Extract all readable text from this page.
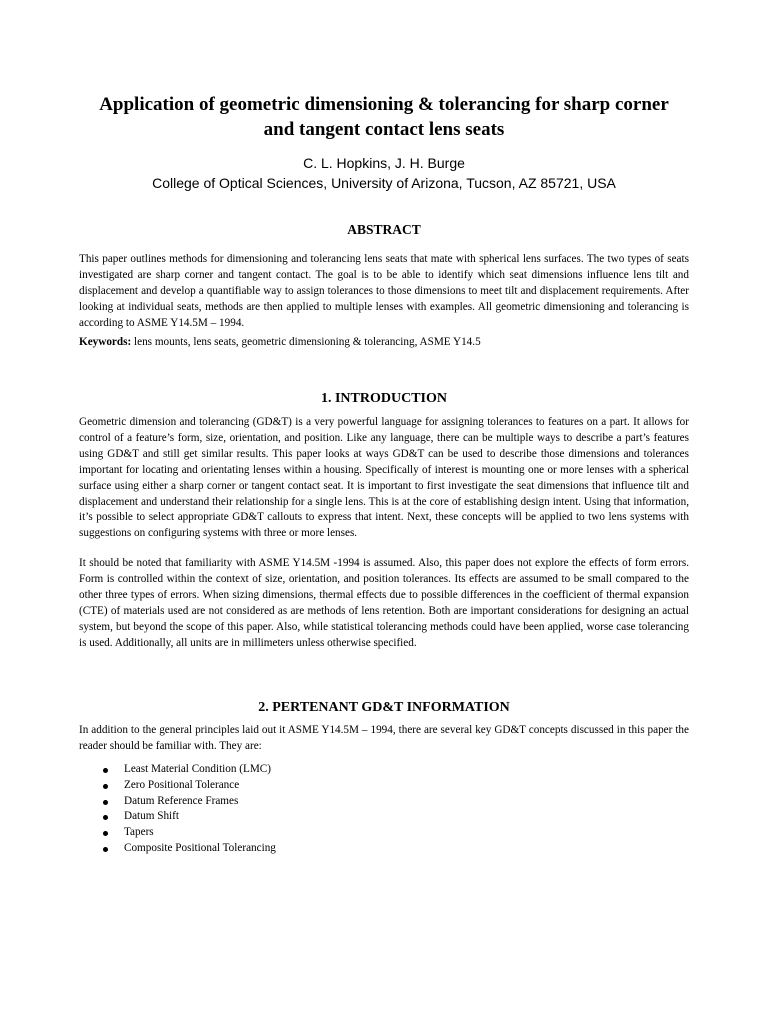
Application of geometric dimensioning & tolerancing for sharp corner
and tangent contact lens seats
C. L. Hopkins, J. H. Burge
College of Optical Sciences, University of Arizona, Tucson, AZ 85721, USA
ABSTRACT

This paper outlines methods for dimensioning and tolerancing lens seats that mate with spherical lens surfaces. The two types of seats investigated are sharp corner and tangent contact. The goal is to be able to identify which seat dimensions influence lens tilt and displacement and develop a quantifiable way to assign tolerances to those dimensions to meet tilt and displacement requirements. After looking at individual seats, methods are then applied to multiple lenses with examples. All geometric dimensioning and tolerancing is according to ASME Y14.5M – 1994.

Keywords: lens mounts, lens seats, geometric dimensioning & tolerancing, ASME Y14.5

1. INTRODUCTION

Geometric dimension and tolerancing (GD&T) is a very powerful language for assigning tolerances to features on a part. It allows for control of a feature’s form, size, orientation, and position. Like any language, there can be multiple ways to describe a part’s features using GD&T and still get similar results. This paper looks at ways GD&T can be used to describe those dimensions and tolerances important for locating and orientating lenses within a housing. Specifically of interest is mounting one or more lenses with a spherical surface using either a sharp corner or tangent contact seat. It is important to first investigate the seat dimensions that influence tilt and displacement and understand their relationship for a single lens. This is at the core of establishing design intent. Using that information, it’s possible to select appropriate GD&T callouts to express that intent. Next, these concepts will be applied to two lens systems with suggestions on configuring systems with three or more lenses.

It should be noted that familiarity with ASME Y14.5M -1994 is assumed. Also, this paper does not explore the effects of form errors. Form is controlled within the context of size, orientation, and position tolerances. Its effects are assumed to be small compared to the other three types of errors. When sizing dimensions, thermal effects due to possible differences in the coefficient of thermal expansion (CTE) of materials used are not considered as are methods of lens retention. Both are important considerations for designing an actual system, but beyond the scope of this paper. Also, while statistical tolerancing methods could have been applied, worse case tolerancing is used. Additionally, all units are in millimeters unless otherwise specified.

2. PERTENANT GD&T INFORMATION

In addition to the general principles laid out it ASME Y14.5M – 1994, there are several key GD&T concepts discussed in this paper the reader should be familiar with. They are:

Least Material Condition (LMC)
Zero Positional Tolerance
Datum Reference Frames
Datum Shift
Tapers
Composite Positional Tolerancing
